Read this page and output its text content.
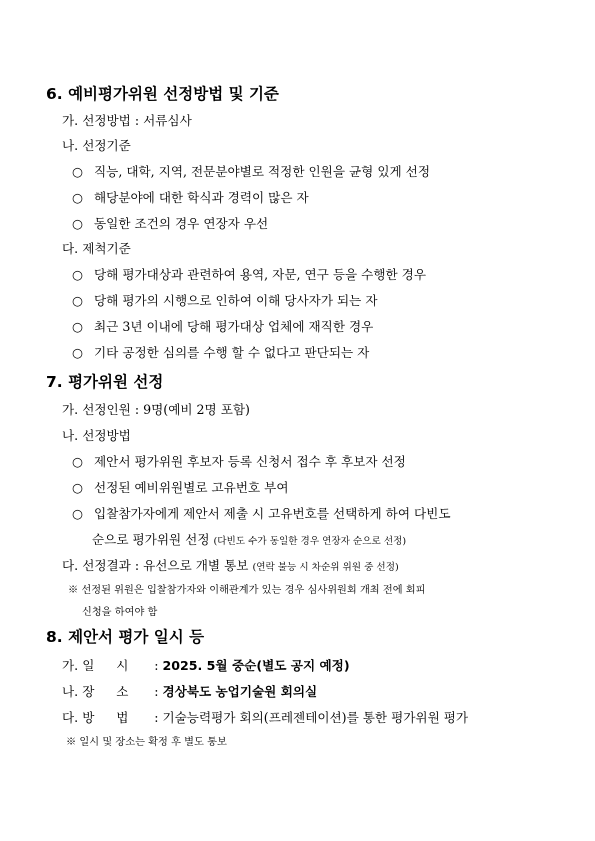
6. 예비평가위원 선정방법 및 기준
가. 선정방법 : 서류심사
나. 선정기준
○ 직능, 대학, 지역, 전문분야별로 적정한 인원을 균형 있게 선정
○ 해당분야에 대한 학식과 경력이 많은 자
○ 동일한 조건의 경우 연장자 우선
다. 제척기준
○ 당해 평가대상과 관련하여 용역, 자문, 연구 등을 수행한 경우
○ 당해 평가의 시행으로 인하여 이해 당사자가 되는 자
○ 최근 3년 이내에 당해 평가대상 업체에 재직한 경우
○ 기타 공정한 심의를 수행 할 수 없다고 판단되는 자
7. 평가위원 선정
가. 선정인원 : 9명(예비 2명 포함)
나. 선정방법
○ 제안서 평가위원 후보자 등록 신청서 접수 후 후보자 선정
○ 선정된 예비위원별로 고유번호 부여
○ 입찰참가자에게 제안서 제출 시 고유번호를 선택하게 하여 다빈도
순으로 평가위원 선정 (다빈도 수가 동일한 경우 연장자 순으로 선정)
다. 선정결과 : 유선으로 개별 통보 (연락 불능 시 차순위 위원 중 선정)
※ 선정된 위원은 입찰참가자와 이해관계가 있는 경우 심사위원회 개최 전에 회피
신청을 하여야 함
8. 제안서 평가 일시 등
가. 일 시 : 2025. 5월 중순(별도 공지 예정)
나. 장 소 : 경상북도 농업기술원 회의실
다. 방 법 : 기술능력평가 회의(프레젠테이션)를 통한 평가위원 평가
※ 일시 및 장소는 확정 후 별도 통보
